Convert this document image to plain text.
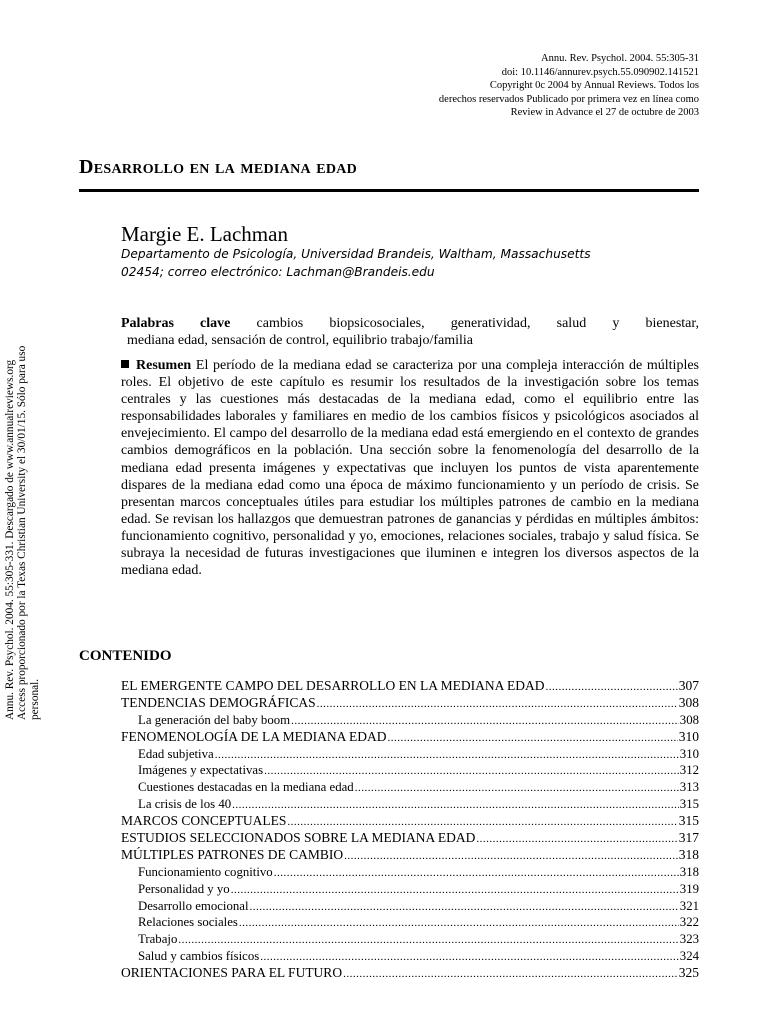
Annu. Rev. Psychol. 2004. 55:305-31
doi: 10.1146/annurev.psych.55.090902.141521
Copyright 0c 2004 by Annual Reviews. Todos los
derechos reservados Publicado por primera vez en línea como
Review in Advance el 27 de octubre de 2003
Desarrollo en la mediana edad
Margie E. Lachman
Departamento de Psicología, Universidad Brandeis, Waltham, Massachusetts
02454; correo electrónico: Lachman@Brandeis.edu
Palabras clave cambios biopsicosociales, generatividad, salud y bienestar,
mediana edad, sensación de control, equilibrio trabajo/familia
Resumen El período de la mediana edad se caracteriza por una compleja interacción de múltiples roles. El objetivo de este capítulo es resumir los resultados de la investigación sobre los temas centrales y las cuestiones más destacadas de la mediana edad, como el equilibrio entre las responsabilidades laborales y familiares en medio de los cambios físicos y psicológicos asociados al envejecimiento. El campo del desarrollo de la mediana edad está emergiendo en el contexto de grandes cambios demográficos en la población. Una sección sobre la fenomenología del desarrollo de la mediana edad presenta imágenes y expectativas que incluyen los puntos de vista aparentemente dispares de la mediana edad como una época de máximo funcionamiento y un período de crisis. Se presentan marcos conceptuales útiles para estudiar los múltiples patrones de cambio en la mediana edad. Se revisan los hallazgos que demuestran patrones de ganancias y pérdidas en múltiples ámbitos: funcionamiento cognitivo, personalidad y yo, emociones, relaciones sociales, trabajo y salud física. Se subraya la necesidad de futuras investigaciones que iluminen e integren los diversos aspectos de la mediana edad.
Annu. Rev. Psychol. 2004. 55:305-331. Descargado de www.annualreviews.org Access proporcionado por la Texas Christian University el 30/01/15. Sólo para uso personal.
CONTENIDO
EL EMERGENTE CAMPO DEL DESARROLLO EN LA MEDIANA EDAD .....	307
TENDENCIAS DEMOGRÁFICAS .....	308
La generación del baby boom .....	308
FENOMENOLOGÍA DE LA MEDIANA EDAD .....	310
Edad subjetiva .....	310
Imágenes y expectativas .....	312
Cuestiones destacadas en la mediana edad .....	313
La crisis de los 40 .....	315
MARCOS CONCEPTUALES .....	315
ESTUDIOS SELECCIONADOS SOBRE LA MEDIANA EDAD .....	317
MÚLTIPLES PATRONES DE CAMBIO .....	318
Funcionamiento cognitivo .....	318
Personalidad y yo .....	319
Desarrollo emocional .....	321
Relaciones sociales .....	322
Trabajo .....	323
Salud y cambios físicos .....	324
ORIENTACIONES PARA EL FUTURO .....	325
